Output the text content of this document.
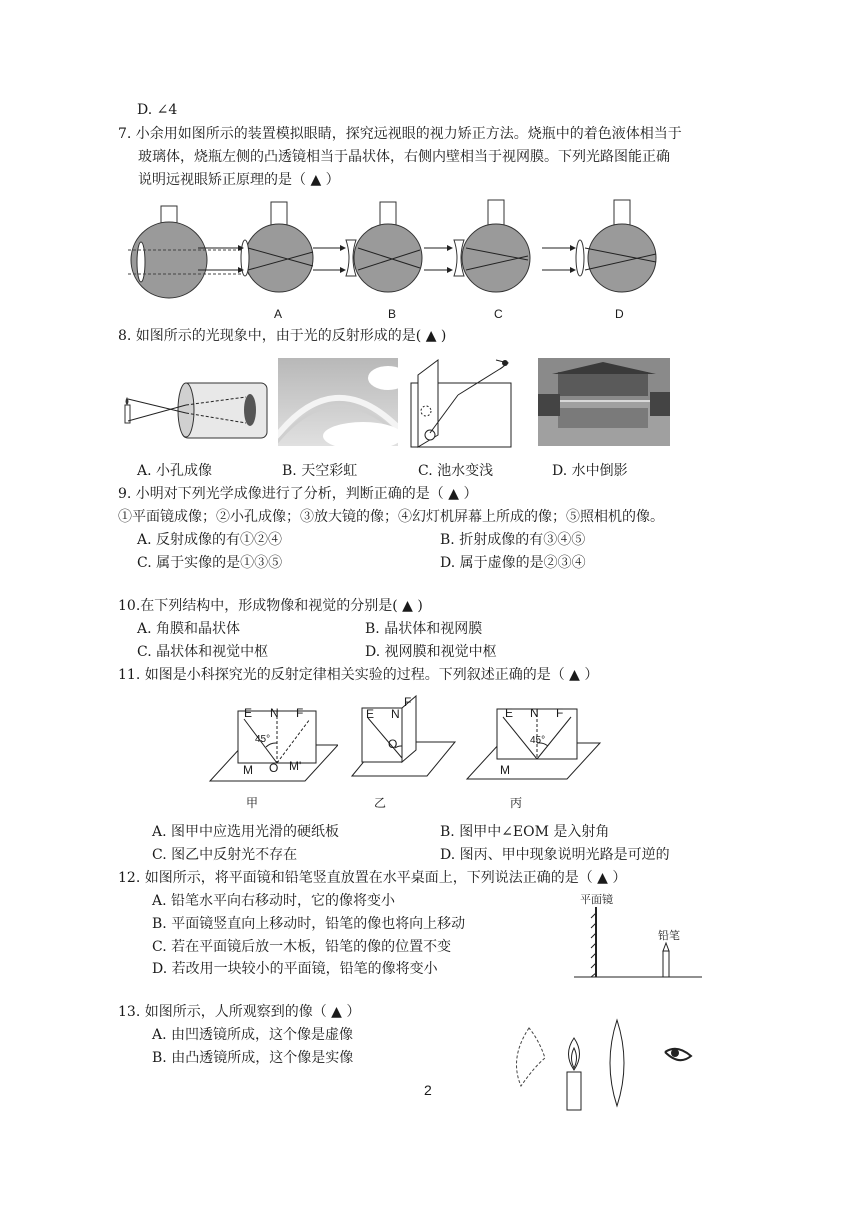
D. ∠4
7. 小余用如图所示的装置模拟眼睛，探究远视眼的视力矫正方法。烧瓶中的着色液体相当于
玻璃体，烧瓶左侧的凸透镜相当于晶状体，右侧内壁相当于视网膜。下列光路图能正确
说明远视眼矫正原理的是（ ▲ ）
A	B	C	D
8. 如图所示的光现象中，由于光的反射形成的是( ▲ )
A. 小孔成像	B. 天空彩虹	C. 池水变浅	D. 水中倒影
9. 小明对下列光学成像进行了分析，判断正确的是（ ▲ ）
①平面镜成像；②小孔成像；③放大镜的像；④幻灯机屏幕上所成的像；⑤照相机的像。
A. 反射成像的有①②④	B. 折射成像的有③④⑤
C. 属于实像的是①③⑤	D. 属于虚像的是②③④
10.在下列结构中，形成物像和视觉的分别是( ▲ )
A. 角膜和晶状体	B. 晶状体和视网膜
C. 晶状体和视觉中枢	D. 视网膜和视觉中枢
11. 如图是小科探究光的反射定律相关实验的过程。下列叙述正确的是（ ▲ ）
E N F
45°
M O M'
E N
F
O
E N F
45°
M
甲	乙	丙
A. 图甲中应选用光滑的硬纸板	B. 图甲中∠EOM 是入射角
C. 图乙中反射光不存在	D. 图丙、甲中现象说明光路是可逆的
12. 如图所示，将平面镜和铅笔竖直放置在水平桌面上，下列说法正确的是（ ▲ ）
A. 铅笔水平向右移动时，它的像将变小
B. 平面镜竖直向上移动时，铅笔的像也将向上移动
C. 若在平面镜后放一木板，铅笔的像的位置不变
D. 若改用一块较小的平面镜，铅笔的像将变小
平面镜
铅笔
13. 如图所示，人所观察到的像（ ▲ ）
A. 由凹透镜所成，这个像是虚像
B. 由凸透镜所成，这个像是实像
2
